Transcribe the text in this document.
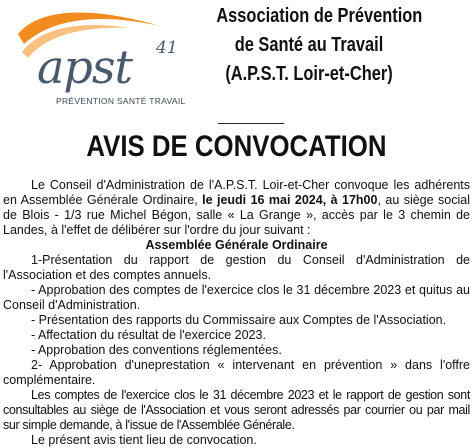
apst 41
PRÉVENTION SANTÉ TRAVAIL
Association de Prévention
de Santé au Travail
(A.P.S.T. Loir-et-Cher)
AVIS DE CONVOCATION

Le Conseil d'Administration de l'A.P.S.T. Loir-et-Cher convoque les adhérents en Assemblée Générale Ordinaire, le jeudi 16 mai 2024, à 17h00, au siège social de Blois - 1/3 rue Michel Bégon, salle « La Grange », accès par le 3 chemin de Landes, à l'effet de délibérer sur l'ordre du jour suivant :

Assemblée Générale Ordinaire

1-Présentation du rapport de gestion du Conseil d'Administration de l'Association et des comptes annuels.

- Approbation des comptes de l'exercice clos le 31 décembre 2023 et quitus au Conseil d'Administration.

- Présentation des rapports du Commissaire aux Comptes de l'Association.

- Affectation du résultat de l'exercice 2023.

- Approbation des conventions réglementées.

2- Approbation d'uneprestation « intervenant en prévention » dans l'offre complémentaire.

Les comptes de l'exercice clos le 31 décembre 2023 et le rapport de gestion sont consultables au siège de l'Association et vous seront adressés par courrier ou par mail sur simple demande, à l'issue de l'Assemblée Générale.

Le présent avis tient lieu de convocation.
